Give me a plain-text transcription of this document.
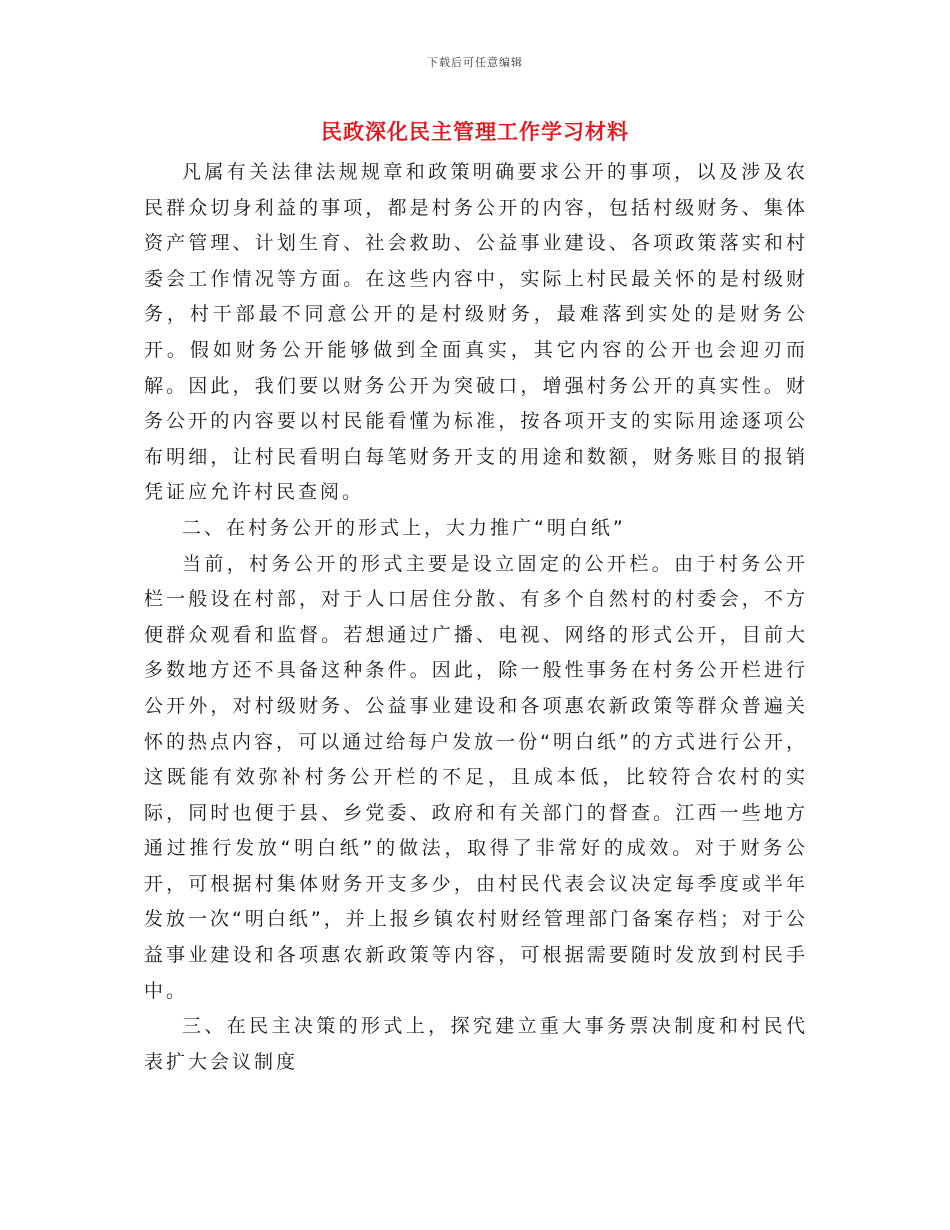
下载后可任意编辑
民政深化民主管理工作学习材料

凡属有关法律法规规章和政策明确要求公开的事项，以及涉及农民群众切身利益的事项，都是村务公开的内容，包括村级财务、集体资产管理、计划生育、社会救助、公益事业建设、各项政策落实和村委会工作情况等方面。在这些内容中，实际上村民最关怀的是村级财务，村干部最不同意公开的是村级财务，最难落到实处的是财务公开。假如财务公开能够做到全面真实，其它内容的公开也会迎刃而解。因此，我们要以财务公开为突破口，增强村务公开的真实性。财务公开的内容要以村民能看懂为标准，按各项开支的实际用途逐项公布明细，让村民看明白每笔财务开支的用途和数额，财务账目的报销凭证应允许村民查阅。

二、在村务公开的形式上，大力推广“明白纸”

当前，村务公开的形式主要是设立固定的公开栏。由于村务公开栏一般设在村部，对于人口居住分散、有多个自然村的村委会，不方便群众观看和监督。若想通过广播、电视、网络的形式公开，目前大多数地方还不具备这种条件。因此，除一般性事务在村务公开栏进行公开外，对村级财务、公益事业建设和各项惠农新政策等群众普遍关怀的热点内容，可以通过给每户发放一份“明白纸”的方式进行公开，这既能有效弥补村务公开栏的不足，且成本低，比较符合农村的实际，同时也便于县、乡党委、政府和有关部门的督查。江西一些地方通过推行发放“明白纸”的做法，取得了非常好的成效。对于财务公开，可根据村集体财务开支多少，由村民代表会议决定每季度或半年发放一次“明白纸”，并上报乡镇农村财经管理部门备案存档；对于公益事业建设和各项惠农新政策等内容，可根据需要随时发放到村民手中。

三、在民主决策的形式上，探究建立重大事务票决制度和村民代表扩大会议制度
